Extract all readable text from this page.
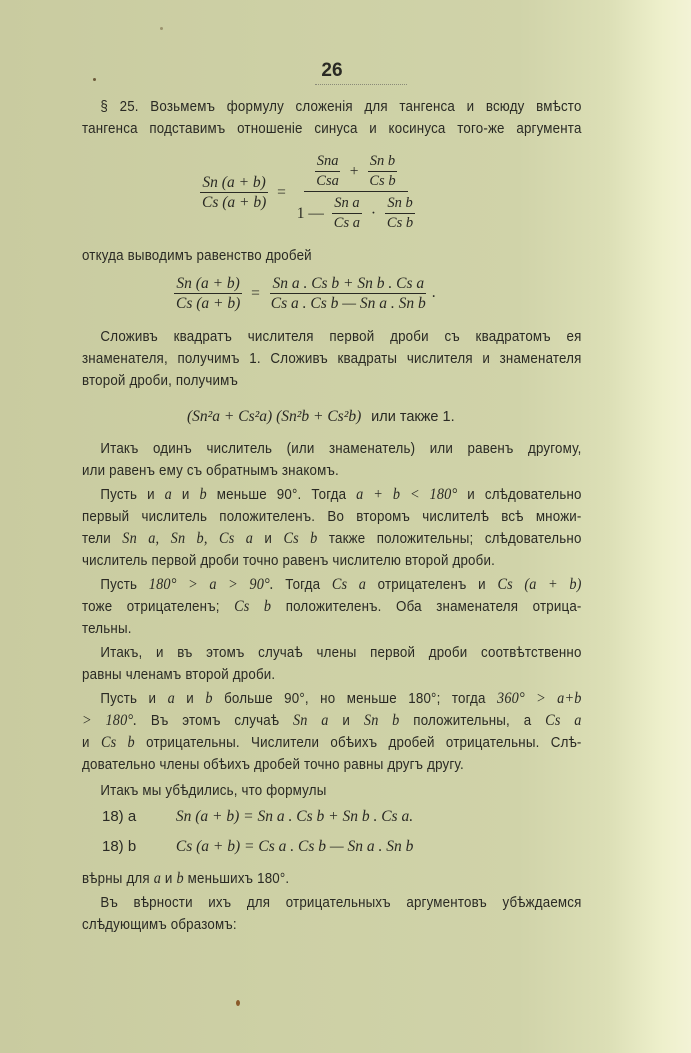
26
§ 25. Возьмемъ формулу сложенія для тангенса и всюду вмѣсто
тангенса подставимъ отношеніе синуса и косинуса того-же аргумента
$\frac{Sn (a + b)}{Cs (a + b)} = \frac{\frac{\text{Sna}}{\text{Csa}} + \frac{\text{Sn b}}{\text{Cs b}}}{1 — \frac{\text{Sn a}}{\text{Cs a}} \cdot \frac{\text{Sn b}}{\text{Cs b}}}$
откуда выводимъ равенство дробей
$\frac{Sn (a + b)}{Cs (a + b)} = \frac{\text{Sn a . Cs b + Sn b . Cs a}}{\text{Cs a . Cs b — Sn a . Sn b}}$ .
Сложивъ квадратъ числителя первой дроби съ квадратомъ ея
знаменателя, получимъ 1. Сложивъ квадраты числителя и знаменателя
второй дроби, получимъ
(Sn²a + Cs²a) (Sn²b + Cs²b) или также 1.
Итакъ одинъ числитель (или знаменатель) или равенъ другому,
или равенъ ему съ обратнымъ знакомъ.
Пусть и a и b меньше 90°. Тогда a + b < 180° и слѣдовательно
первый числитель положителенъ. Во второмъ числителѣ всѣ множи-
тели Sn a, Sn b, Cs a и Cs b также положительны; слѣдовательно
числитель первой дроби точно равенъ числителю второй дроби.
Пусть 180° > a > 90°. Тогда Cs a отрицателенъ и Cs (a + b)
тоже отрицателенъ; Cs b положителенъ. Оба знаменателя отрица-
тельны.
Итакъ, и въ этомъ случаѣ члены первой дроби соотвѣтственно
равны членамъ второй дроби.
Пусть и a и b больше 90°, но меньше 180°; тогда 360° > a+b
> 180°. Въ этомъ случаѣ Sn a и Sn b положительны, а Cs a
и Cs b отрицательны. Числители обѣихъ дробей отрицательны. Слѣ-
довательно члены обѣихъ дробей точно равны другъ другу.
Итакъ мы убѣдились, что формулы
18) a	Sn (a + b) = Sn a . Cs b + Sn b . Cs a.
18) b	Cs (a + b) = Cs a . Cs b — Sn a . Sn b
вѣрны для a и b меньшихъ 180°.
Въ вѣрности ихъ для отрицательныхъ аргументовъ убѣждаемся
слѣдующимъ образомъ:
